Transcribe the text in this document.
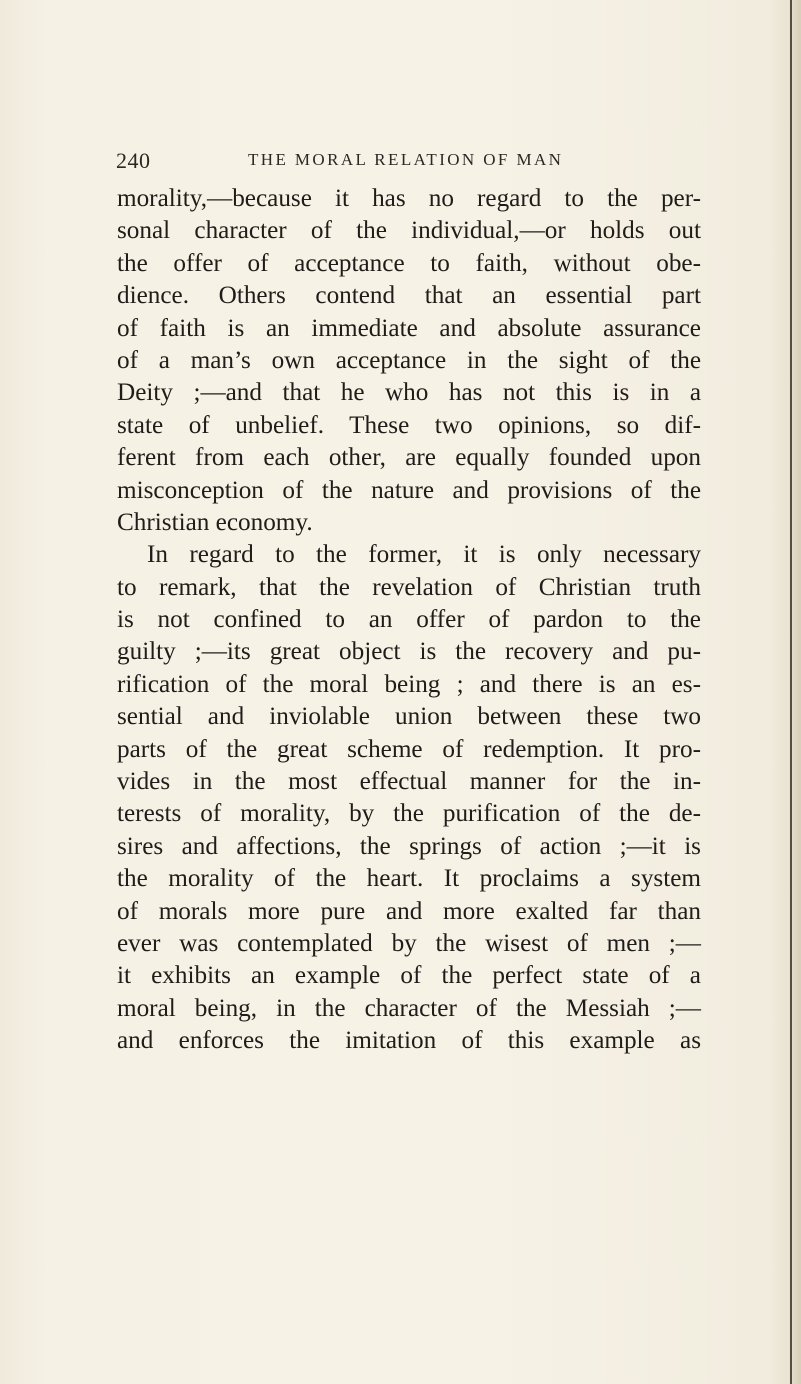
240	THE MORAL RELATION OF MAN
morality,—because it has no regard to the per-
sonal character of the individual,—or holds out
the offer of acceptance to faith, without obe-
dience. Others contend that an essential part
of faith is an immediate and absolute assurance
of a man’s own acceptance in the sight of the
Deity ;—and that he who has not this is in a
state of unbelief. These two opinions, so dif-
ferent from each other, are equally founded upon
misconception of the nature and provisions of the
Christian economy.
In regard to the former, it is only necessary
to remark, that the revelation of Christian truth
is not confined to an offer of pardon to the
guilty ;—its great object is the recovery and pu-
rification of the moral being ; and there is an es-
sential and inviolable union between these two
parts of the great scheme of redemption. It pro-
vides in the most effectual manner for the in-
terests of morality, by the purification of the de-
sires and affections, the springs of action ;—it is
the morality of the heart. It proclaims a system
of morals more pure and more exalted far than
ever was contemplated by the wisest of men ;—
it exhibits an example of the perfect state of a
moral being, in the character of the Messiah ;—
and enforces the imitation of this example as
